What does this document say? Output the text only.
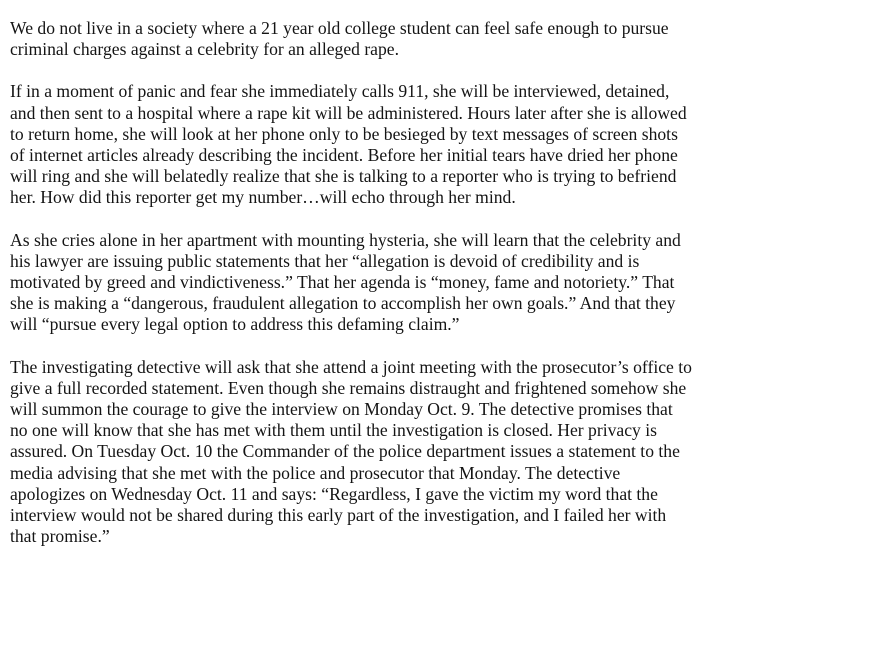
We do not live in a society where a 21 year old college student can feel safe enough to pursue
criminal charges against a celebrity for an alleged rape.

If in a moment of panic and fear she immediately calls 911, she will be interviewed, detained,
and then sent to a hospital where a rape kit will be administered. Hours later after she is allowed
to return home, she will look at her phone only to be besieged by text messages of screen shots
of internet articles already describing the incident. Before her initial tears have dried her phone
will ring and she will belatedly realize that she is talking to a reporter who is trying to befriend
her. How did this reporter get my number…will echo through her mind.

As she cries alone in her apartment with mounting hysteria, she will learn that the celebrity and
his lawyer are issuing public statements that her “allegation is devoid of credibility and is
motivated by greed and vindictiveness.” That her agenda is “money, fame and notoriety.” That
she is making a “dangerous, fraudulent allegation to accomplish her own goals.” And that they
will “pursue every legal option to address this defaming claim.”

The investigating detective will ask that she attend a joint meeting with the prosecutor’s office to
give a full recorded statement. Even though she remains distraught and frightened somehow she
will summon the courage to give the interview on Monday Oct. 9. The detective promises that
no one will know that she has met with them until the investigation is closed. Her privacy is
assured. On Tuesday Oct. 10 the Commander of the police department issues a statement to the
media advising that she met with the police and prosecutor that Monday. The detective
apologizes on Wednesday Oct. 11 and says: “Regardless, I gave the victim my word that the
interview would not be shared during this early part of the investigation, and I failed her with
that promise.”
